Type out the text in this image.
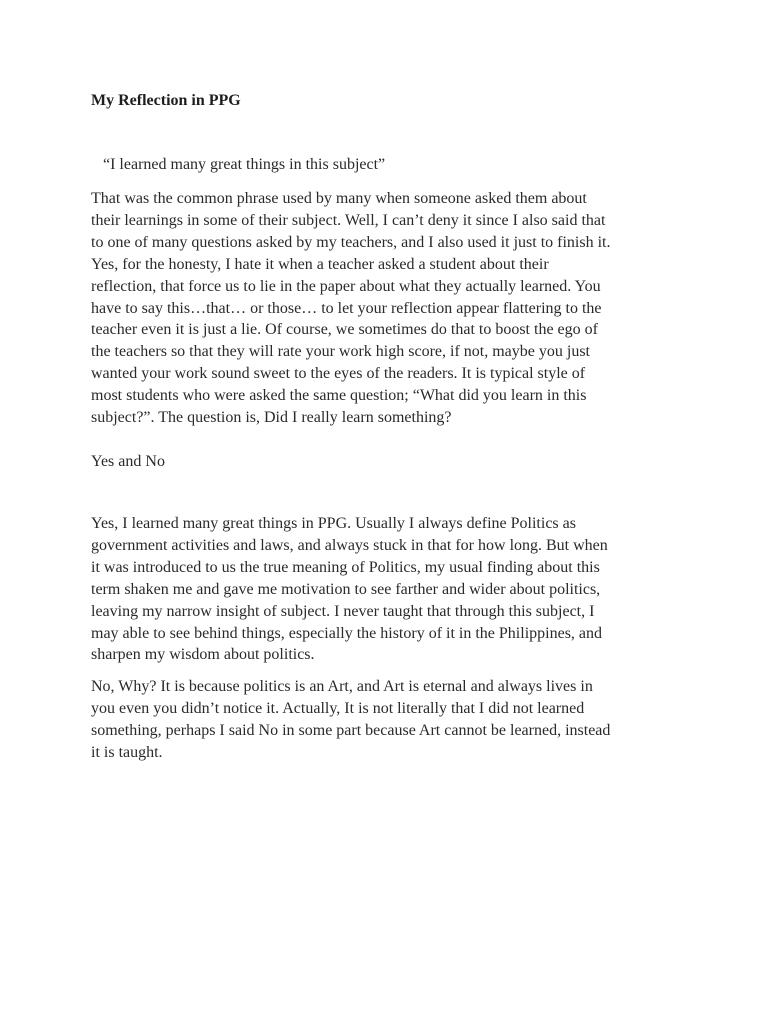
My Reflection in PPG

“I learned many great things in this subject”

That was the common phrase used by many when someone asked them about
their learnings in some of their subject. Well, I can’t deny it since I also said that
to one of many questions asked by my teachers, and I also used it just to finish it.
Yes, for the honesty, I hate it when a teacher asked a student about their
reflection, that force us to lie in the paper about what they actually learned. You
have to say this…that… or those… to let your reflection appear flattering to the
teacher even it is just a lie. Of course, we sometimes do that to boost the ego of
the teachers so that they will rate your work high score, if not, maybe you just
wanted your work sound sweet to the eyes of the readers. It is typical style of
most students who were asked the same question; “What did you learn in this
subject?”. The question is, Did I really learn something?

Yes and No

Yes, I learned many great things in PPG. Usually I always define Politics as
government activities and laws, and always stuck in that for how long. But when
it was introduced to us the true meaning of Politics, my usual finding about this
term shaken me and gave me motivation to see farther and wider about politics,
leaving my narrow insight of subject. I never taught that through this subject, I
may able to see behind things, especially the history of it in the Philippines, and
sharpen my wisdom about politics.

No, Why? It is because politics is an Art, and Art is eternal and always lives in
you even you didn’t notice it. Actually, It is not literally that I did not learned
something, perhaps I said No in some part because Art cannot be learned, instead
it is taught.
